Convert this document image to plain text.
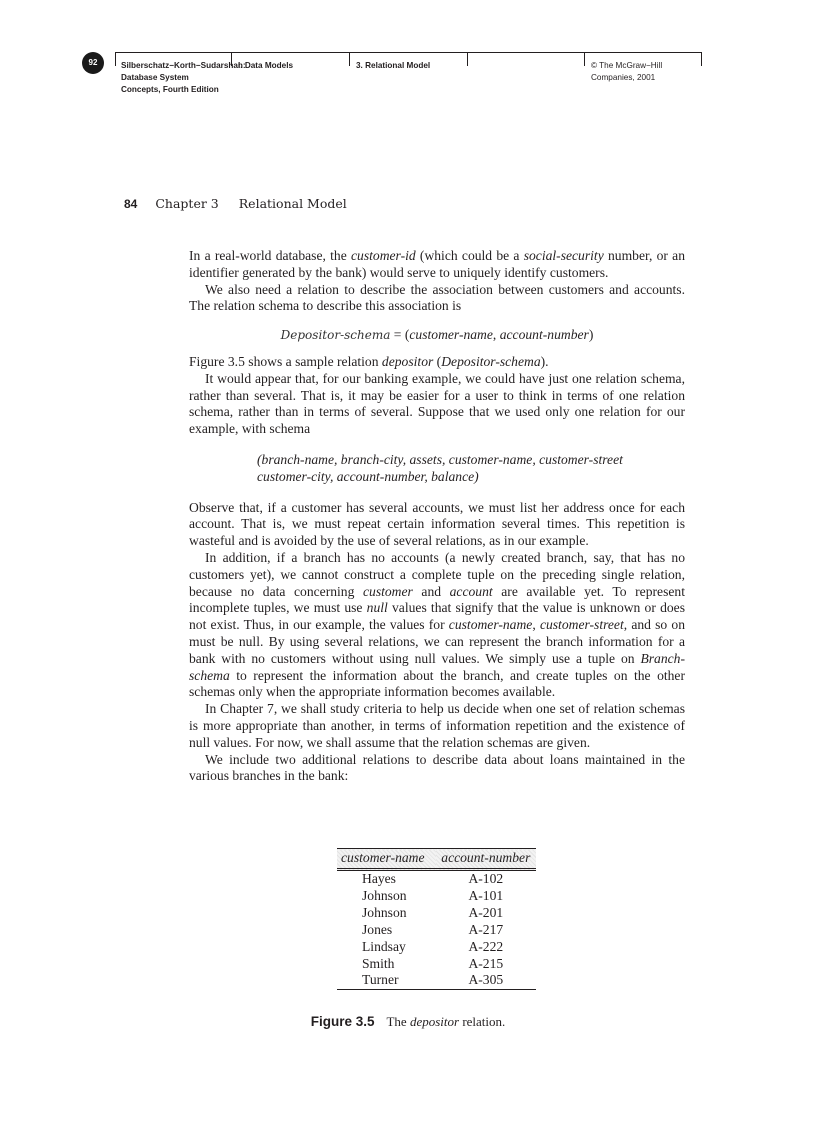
92	Silberschatz−Korth−Sudarshan:
Database System
Concepts, Fourth Edition
I. Data Models	3. Relational Model	© The McGraw−Hill
Companies, 2001
84 Chapter 3 Relational Model

In a real-world database, the customer-id (which could be a social-security number, or an identifier generated by the bank) would serve to uniquely identify customers.

We also need a relation to describe the association between customers and accounts. The relation schema to describe this association is

Depositor-schema = (customer-name, account-number)

Figure 3.5 shows a sample relation depositor (Depositor-schema).

It would appear that, for our banking example, we could have just one relation schema, rather than several. That is, it may be easier for a user to think in terms of one relation schema, rather than in terms of several. Suppose that we used only one relation for our example, with schema

(branch-name, branch-city, assets, customer-name, customer-street
customer-city, account-number, balance)

Observe that, if a customer has several accounts, we must list her address once for each account. That is, we must repeat certain information several times. This repetition is wasteful and is avoided by the use of several relations, as in our example.

In addition, if a branch has no accounts (a newly created branch, say, that has no customers yet), we cannot construct a complete tuple on the preceding single relation, because no data concerning customer and account are available yet. To represent incomplete tuples, we must use null values that signify that the value is unknown or does not exist. Thus, in our example, the values for customer-name, customer-street, and so on must be null. By using several relations, we can represent the branch information for a bank with no customers without using null values. We simply use a tuple on Branch-schema to represent the information about the branch, and create tuples on the other schemas only when the appropriate information becomes available.

In Chapter 7, we shall study criteria to help us decide when one set of relation schemas is more appropriate than another, in terms of information repetition and the existence of null values. For now, we shall assume that the relation schemas are given.

We include two additional relations to describe data about loans maintained in the various branches in the bank:

customer-name	account-number
Hayes	A-102
Johnson	A-101
Johnson	A-201
Jones	A-217
Lindsay	A-222
Smith	A-215
Turner	A-305
Figure 3.5 The depositor relation.
